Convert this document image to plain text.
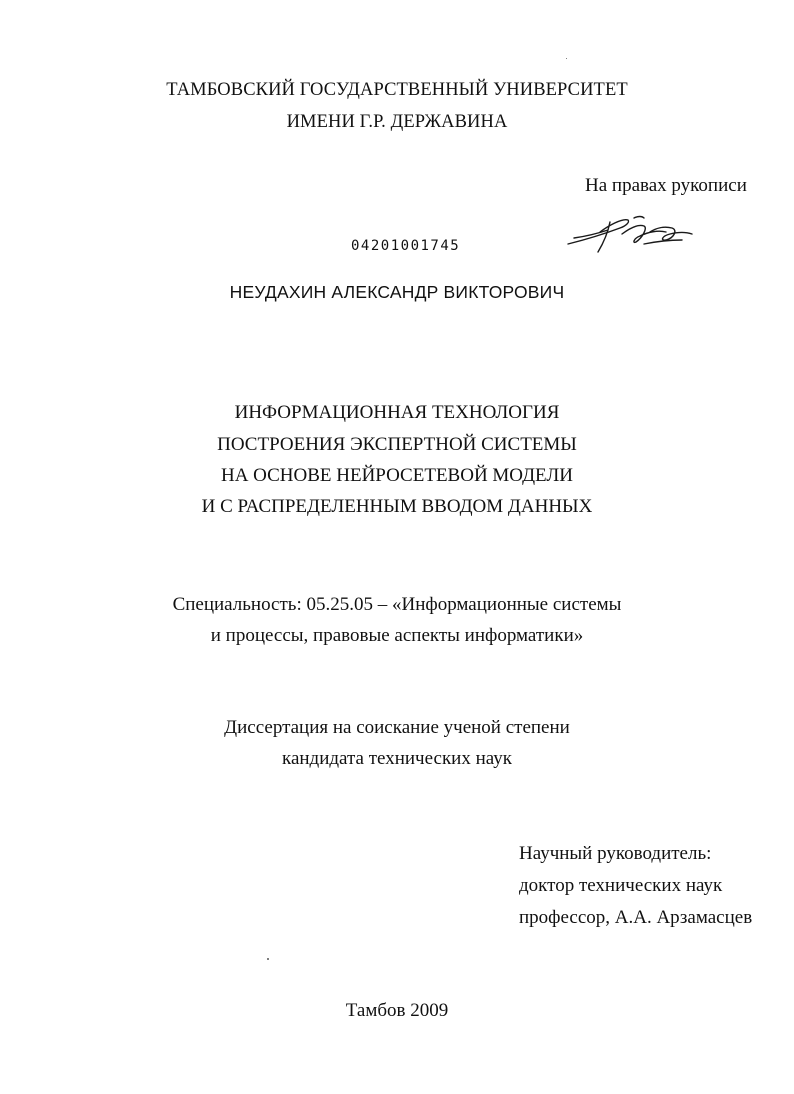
ТАМБОВСКИЙ ГОСУДАРСТВЕННЫЙ УНИВЕРСИТЕТ
ИМЕНИ Г.Р. ДЕРЖАВИНА
На правах рукописи
04201001745
НЕУДАХИН АЛЕКСАНДР ВИКТОРОВИЧ
ИНФОРМАЦИОННАЯ ТЕХНОЛОГИЯ
ПОСТРОЕНИЯ ЭКСПЕРТНОЙ СИСТЕМЫ
НА ОСНОВЕ НЕЙРОСЕТЕВОЙ МОДЕЛИ
И С РАСПРЕДЕЛЕННЫМ ВВОДОМ ДАННЫХ
Специальность: 05.25.05 – «Информационные системы
и процессы, правовые аспекты информатики»
Диссертация на соискание ученой степени
кандидата технических наук
Научный руководитель:
доктор технических наук
профессор, А.А. Арзамасцев
Тамбов 2009
